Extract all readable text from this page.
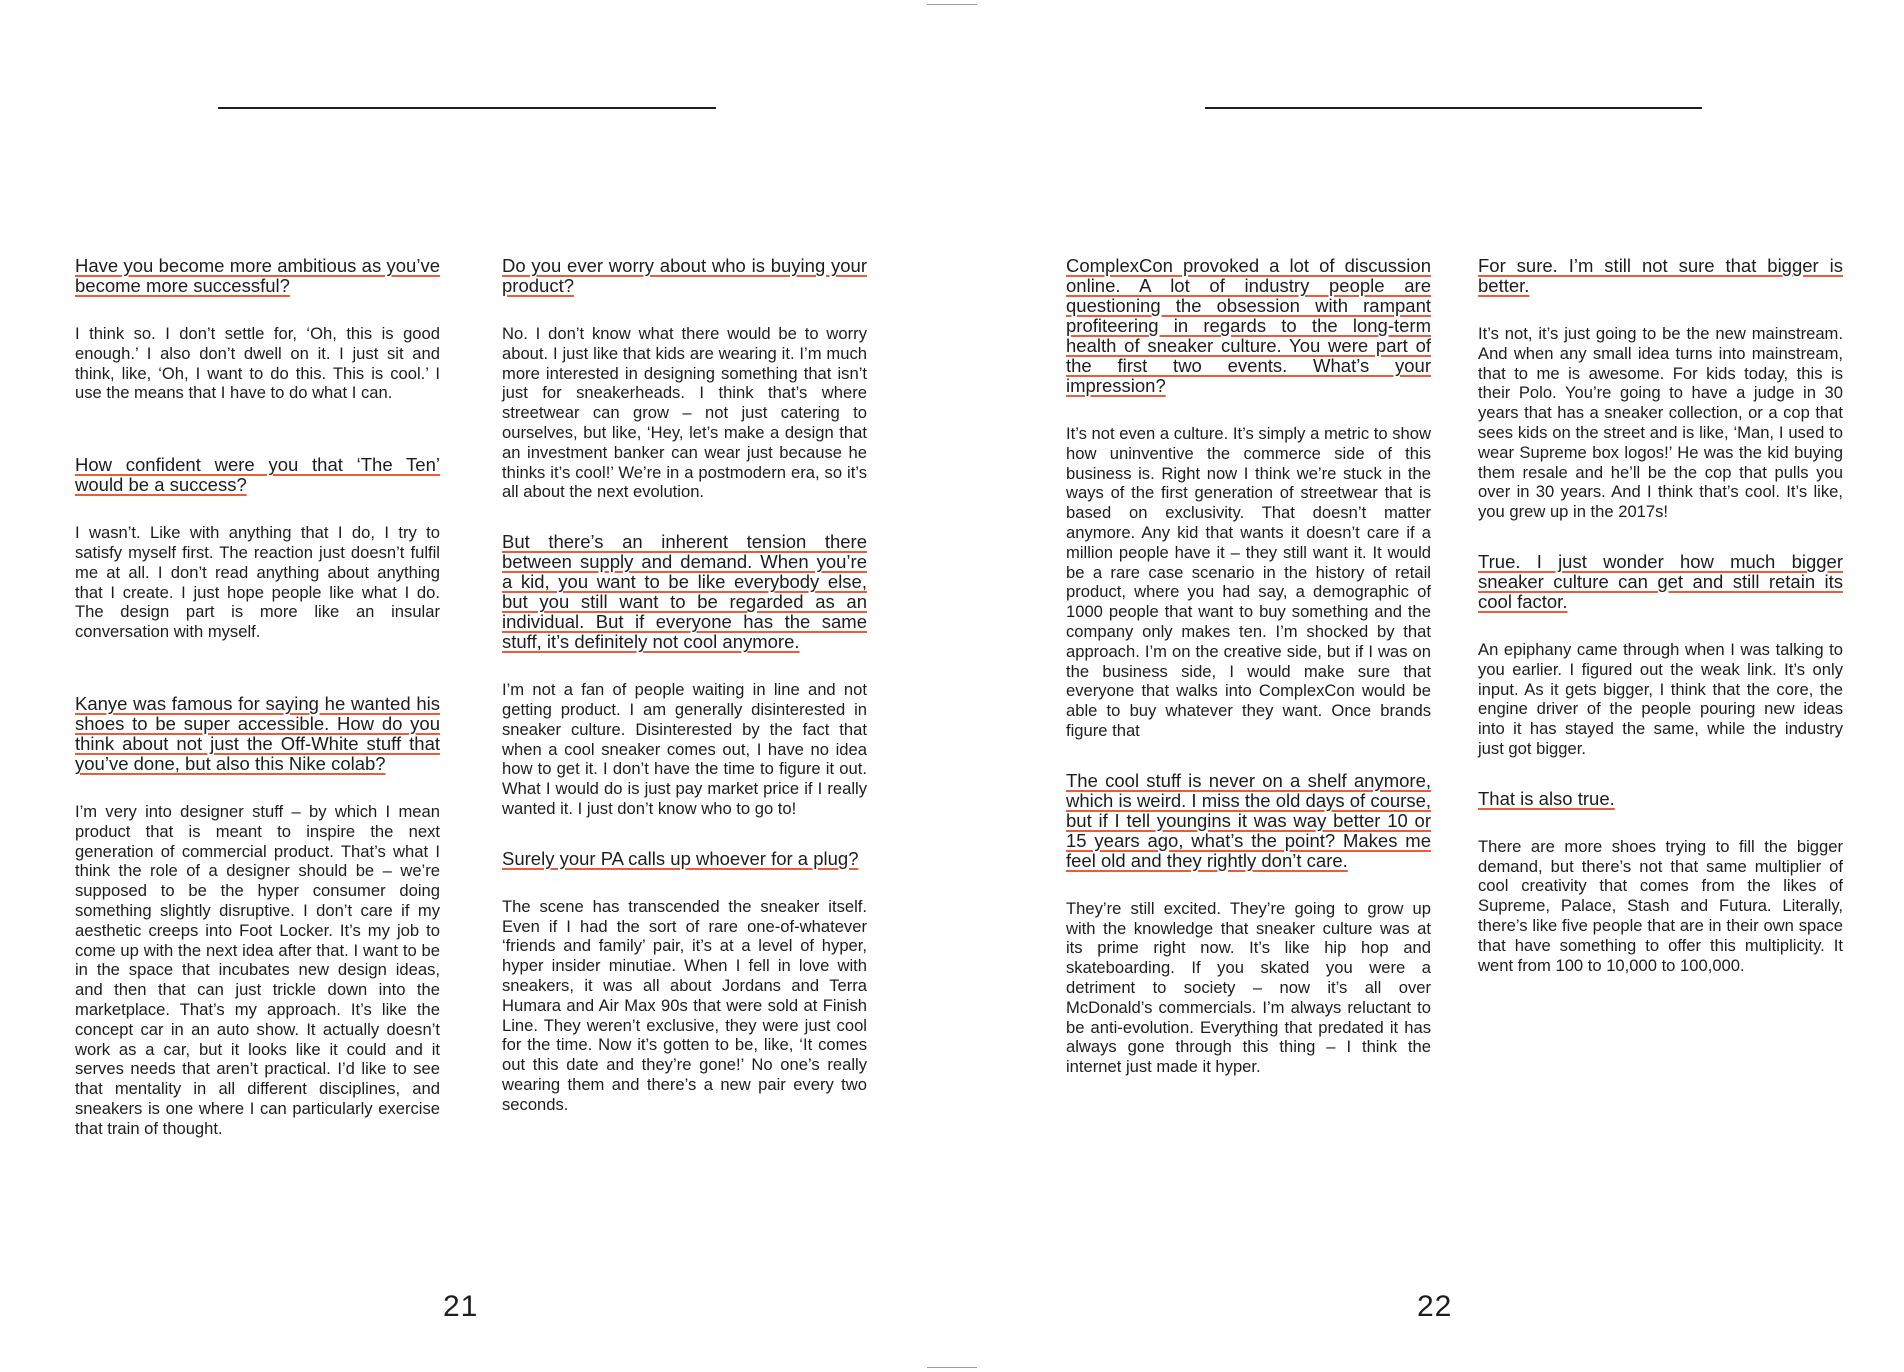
Have you become more ambitious as you’ve become more successful?

I think so. I don’t settle for, ‘Oh, this is good enough.’ I also don’t dwell on it. I just sit and think, like, ‘Oh, I want to do this. This is cool.’ I use the means that I have to do what I can.

How confident were you that ‘The Ten’ would be a success?

I wasn’t. Like with anything that I do, I try to satisfy myself first. The reaction just doesn’t fulfil me at all. I don’t read anything about anything that I create. I just hope people like what I do. The design part is more like an insular conversation with myself.

Kanye was famous for saying he wanted his shoes to be super accessible. How do you think about not just the Off-White stuff that you’ve done, but also this Nike colab?

I’m very into designer stuff – by which I mean product that is meant to inspire the next generation of commercial product. That’s what I think the role of a designer should be – we’re supposed to be the hyper consumer doing something slightly disruptive. I don’t care if my aesthetic creeps into Foot Locker. It’s my job to come up with the next idea after that. I want to be in the space that incubates new design ideas, and then that can just trickle down into the marketplace. That’s my approach. It’s like the concept car in an auto show. It actually doesn’t work as a car, but it looks like it could and it serves needs that aren’t practical. I’d like to see that mentality in all different disciplines, and sneakers is one where I can particularly exercise that train of thought.

Do you ever worry about who is buying your product?

No. I don’t know what there would be to worry about. I just like that kids are wearing it. I’m much more interested in designing something that isn’t just for sneakerheads. I think that’s where streetwear can grow – not just catering to ourselves, but like, ‘Hey, let’s make a design that an investment banker can wear just because he thinks it’s cool!’ We’re in a postmodern era, so it’s all about the next evolution.

But there’s an inherent tension there between supply and demand. When you’re a kid, you want to be like everybody else, but you still want to be regarded as an individual. But if everyone has the same stuff, it’s definitely not cool anymore.

I’m not a fan of people waiting in line and not getting product. I am generally disinterested in sneaker culture. Disinterested by the fact that when a cool sneaker comes out, I have no idea how to get it. I don’t have the time to figure it out. What I would do is just pay market price if I really wanted it. I just don’t know who to go to!

Surely your PA calls up whoever for a plug?

The scene has transcended the sneaker itself. Even if I had the sort of rare one-of-whatever ‘friends and family’ pair, it’s at a level of hyper, hyper insider minutiae. When I fell in love with sneakers, it was all about Jordans and Terra Humara and Air Max 90s that were sold at Finish Line. They weren’t exclusive, they were just cool for the time. Now it’s gotten to be, like, ‘It comes out this date and they’re gone!’ No one’s really wearing them and there’s a new pair every two seconds.

21

ComplexCon provoked a lot of discussion online. A lot of industry people are questioning the obsession with rampant profiteering in regards to the long-term health of sneaker culture. You were part of the first two events. What’s your impression?

It’s not even a culture. It’s simply a metric to show how uninventive the commerce side of this business is. Right now I think we’re stuck in the ways of the first generation of streetwear that is based on exclusivity. That doesn’t matter anymore. Any kid that wants it doesn’t care if a million people have it – they still want it. It would be a rare case scenario in the history of retail product, where you had say, a demographic of 1000 people that want to buy something and the company only makes ten. I’m shocked by that approach. I’m on the creative side, but if I was on the business side, I would make sure that everyone that walks into ComplexCon would be able to buy whatever they want. Once brands figure that

The cool stuff is never on a shelf anymore, which is weird. I miss the old days of course, but if I tell youngins it was way better 10 or 15 years ago, what’s the point? Makes me feel old and they rightly don’t care.

They’re still excited. They’re going to grow up with the knowledge that sneaker culture was at its prime right now. It’s like hip hop and skateboarding. If you skated you were a detriment to society – now it’s all over McDonald’s commercials. I’m always reluctant to be anti-evolution. Everything that predated it has always gone through this thing – I think the internet just made it hyper.

For sure. I’m still not sure that bigger is better.

It’s not, it’s just going to be the new mainstream. And when any small idea turns into mainstream, that to me is awesome. For kids today, this is their Polo. You’re going to have a judge in 30 years that has a sneaker collection, or a cop that sees kids on the street and is like, ‘Man, I used to wear Supreme box logos!’ He was the kid buying them resale and he’ll be the cop that pulls you over in 30 years. And I think that’s cool. It’s like, you grew up in the 2017s!

True. I just wonder how much bigger sneaker culture can get and still retain its cool factor.

An epiphany came through when I was talking to you earlier. I figured out the weak link. It’s only input. As it gets bigger, I think that the core, the engine driver of the people pouring new ideas into it has stayed the same, while the industry just got bigger.

That is also true.

There are more shoes trying to fill the bigger demand, but there’s not that same multiplier of cool creativity that comes from the likes of Supreme, Palace, Stash and Futura. Literally, there’s like five people that are in their own space that have something to offer this multiplicity. It went from 100 to 10,000 to 100,000.

22
